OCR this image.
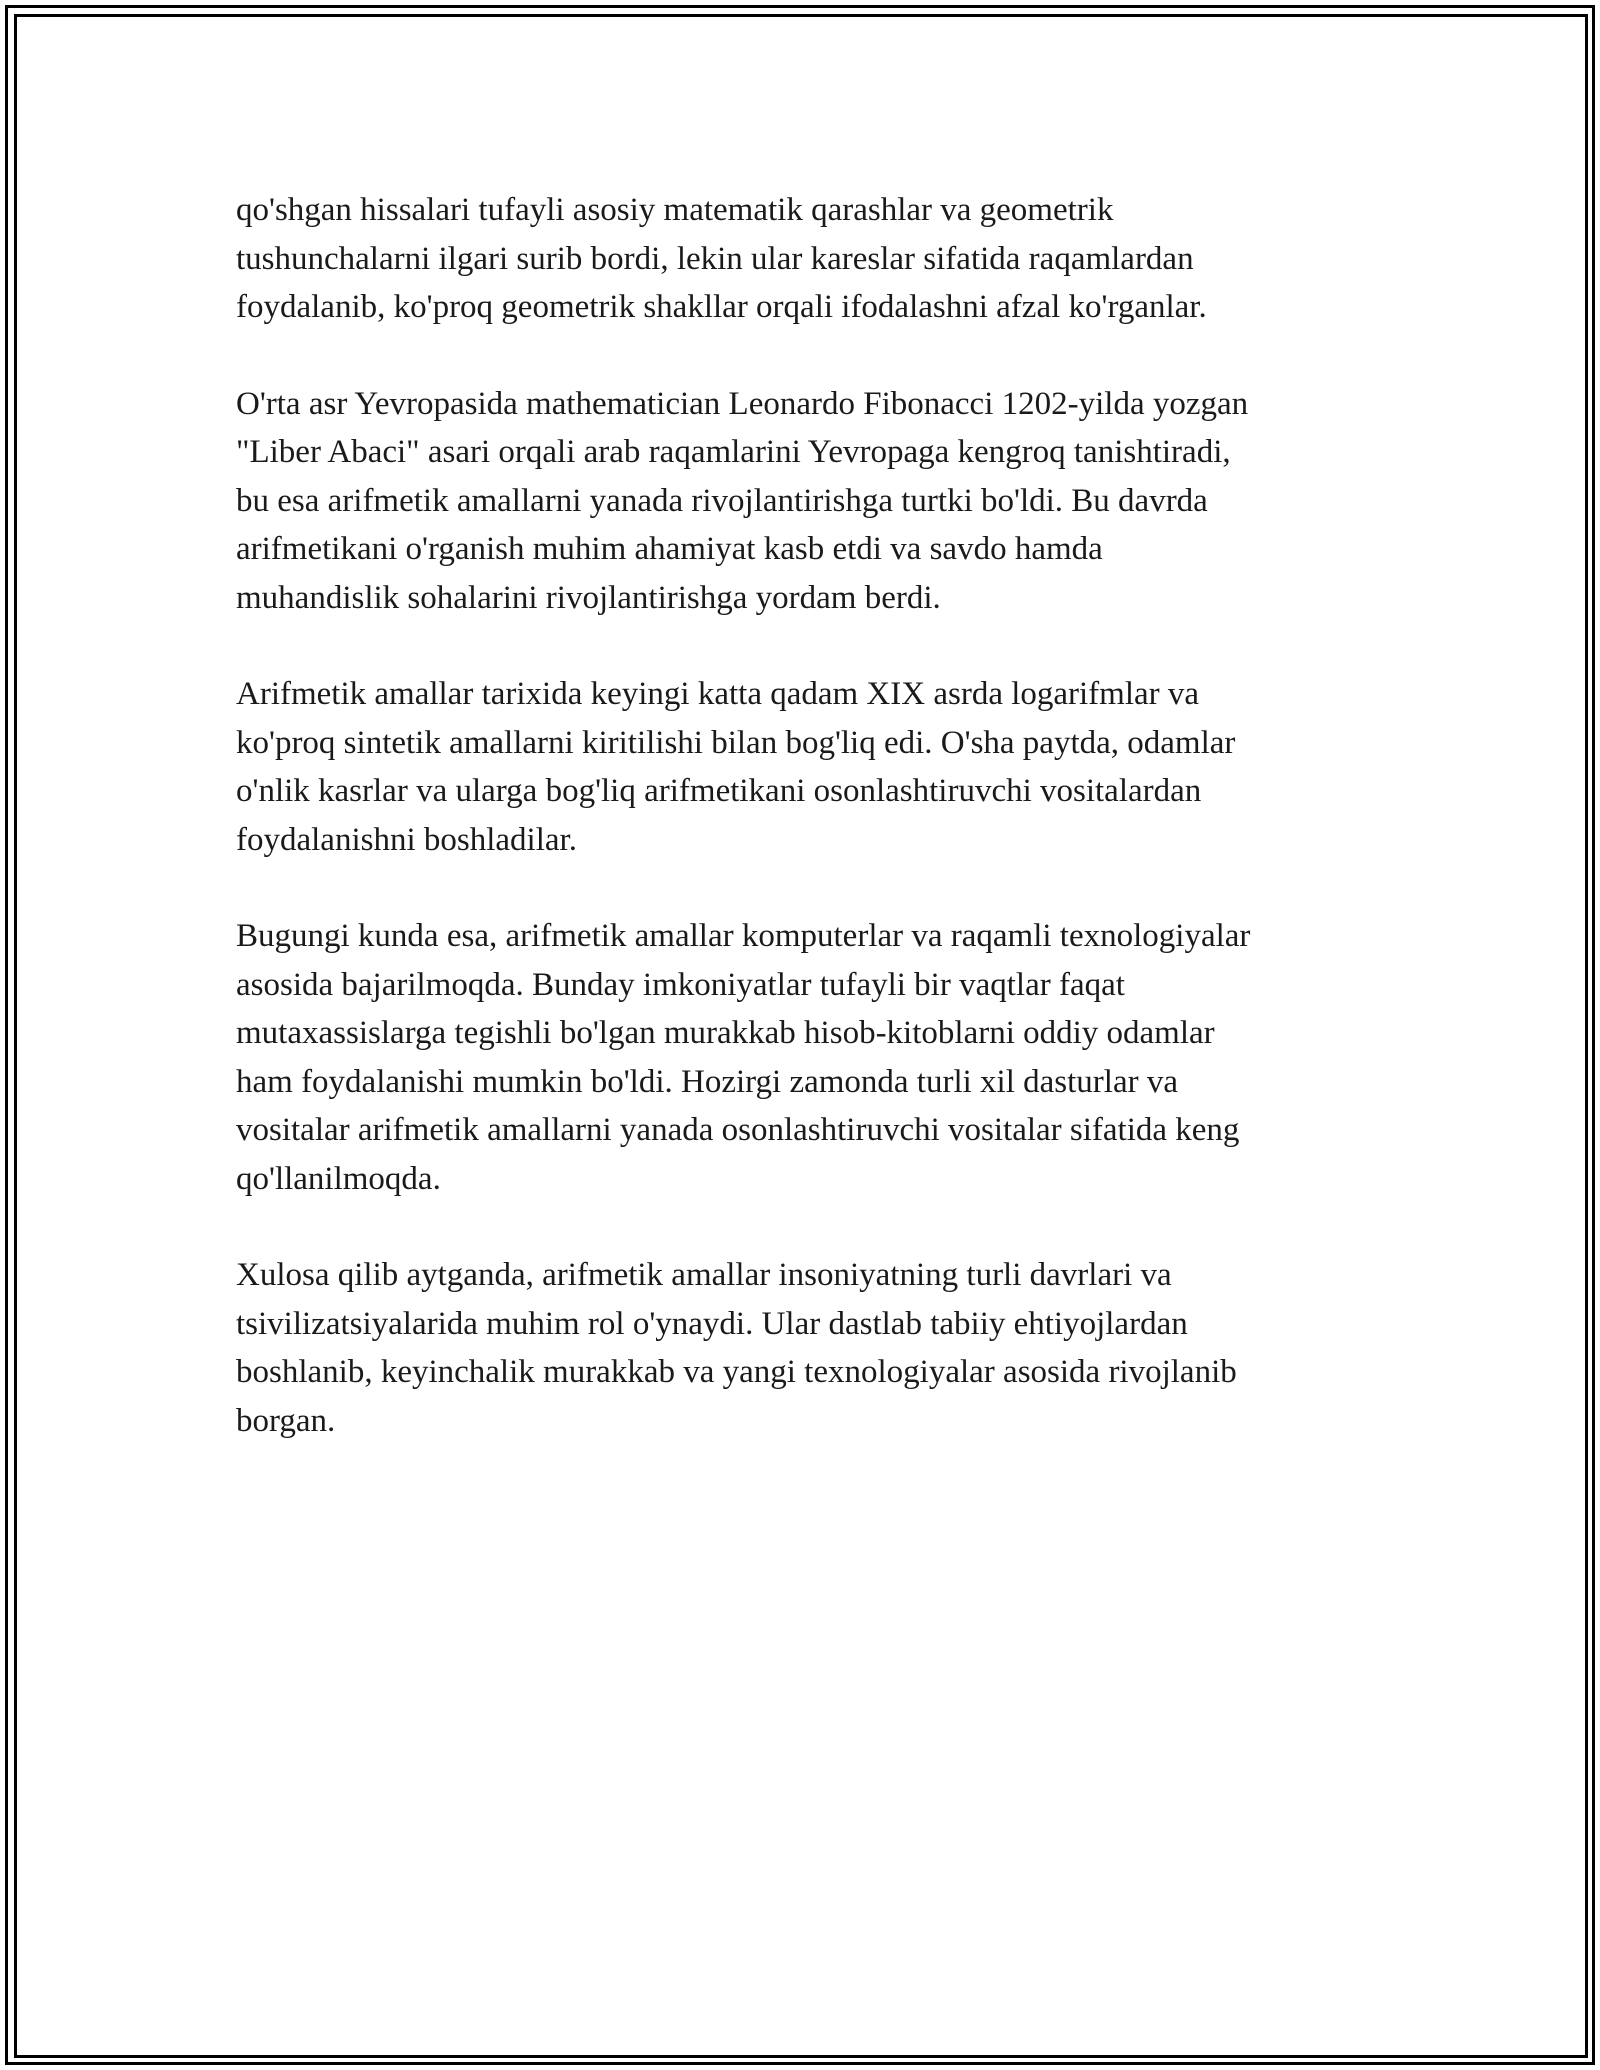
qo'shgan hissalari tufayli asosiy matematik qarashlar va geometrik
tushunchalarni ilgari surib bordi, lekin ular kareslar sifatida raqamlardan
foydalanib, ko'proq geometrik shakllar orqali ifodalashni afzal ko'rganlar.

O'rta asr Yevropasida mathematician Leonardo Fibonacci 1202-yilda yozgan
"Liber Abaci" asari orqali arab raqamlarini Yevropaga kengroq tanishtiradi,
bu esa arifmetik amallarni yanada rivojlantirishga turtki bo'ldi. Bu davrda
arifmetikani o'rganish muhim ahamiyat kasb etdi va savdo hamda
muhandislik sohalarini rivojlantirishga yordam berdi.

Arifmetik amallar tarixida keyingi katta qadam XIX asrda logarifmlar va
ko'proq sintetik amallarni kiritilishi bilan bog'liq edi. O'sha paytda, odamlar
o'nlik kasrlar va ularga bog'liq arifmetikani osonlashtiruvchi vositalardan
foydalanishni boshladilar.

Bugungi kunda esa, arifmetik amallar komputerlar va raqamli texnologiyalar
asosida bajarilmoqda. Bunday imkoniyatlar tufayli bir vaqtlar faqat
mutaxassislarga tegishli bo'lgan murakkab hisob-kitoblarni oddiy odamlar
ham foydalanishi mumkin bo'ldi. Hozirgi zamonda turli xil dasturlar va
vositalar arifmetik amallarni yanada osonlashtiruvchi vositalar sifatida keng
qo'llanilmoqda.

Xulosa qilib aytganda, arifmetik amallar insoniyatning turli davrlari va
tsivilizatsiyalarida muhim rol o'ynaydi. Ular dastlab tabiiy ehtiyojlardan
boshlanib, keyinchalik murakkab va yangi texnologiyalar asosida rivojlanib
borgan.
